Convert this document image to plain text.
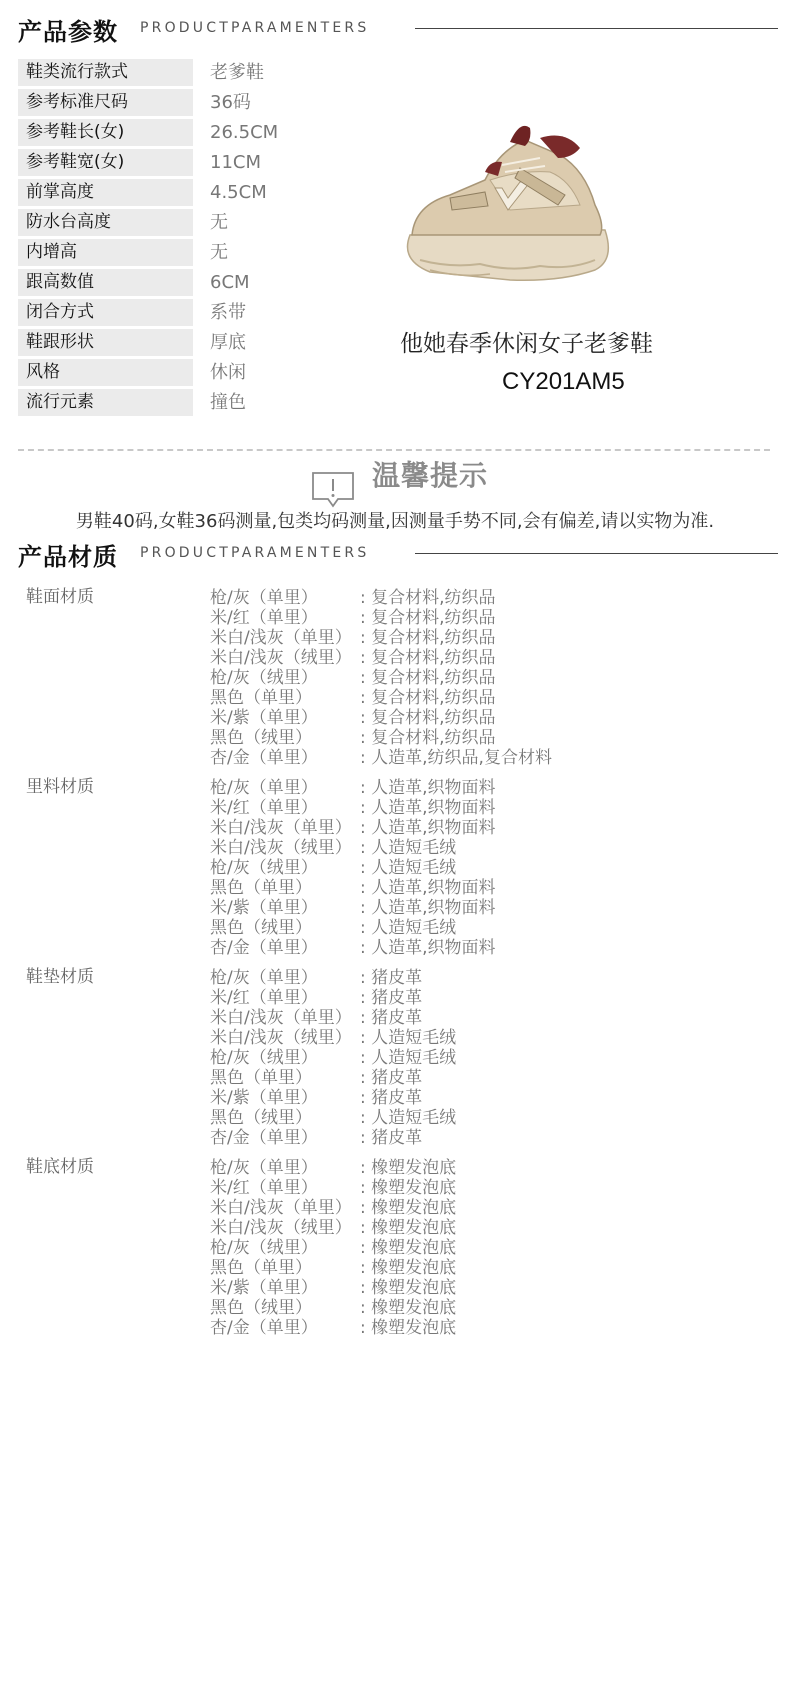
产品参数 PRODUCTPARAMENTERS
鞋类流行款式	老爹鞋
参考标准尺码	36码
参考鞋长(女)	26.5CM
参考鞋宽(女)	11CM
前掌高度	4.5CM
防水台高度	无
内增高	无
跟高数值	6CM
闭合方式	系带
鞋跟形状	厚底
风格	休闲
流行元素	撞色
他她春季休闲女子老爹鞋
CY201AM5
温馨提示
男鞋40码,女鞋36码测量,包类均码测量,因测量手势不同,会有偏差,请以实物为准.
产品材质 PRODUCTPARAMENTERS
鞋面材质	枪/灰（单里） : 复合材料,纺织品
米/红（单里） : 复合材料,纺织品
米白/浅灰（单里） : 复合材料,纺织品
米白/浅灰（绒里） : 复合材料,纺织品
枪/灰（绒里） : 复合材料,纺织品
黑色（单里）	: 复合材料,纺织品
米/紫（单里） : 复合材料,纺织品
黑色（绒里）	: 复合材料,纺织品
杏/金（单里） : 人造革,纺织品,复合材料
里料材质	枪/灰（单里） : 人造革,织物面料
米/红（单里） : 人造革,织物面料
米白/浅灰（单里） : 人造革,织物面料
米白/浅灰（绒里） : 人造短毛绒
枪/灰（绒里） : 人造短毛绒
黑色（单里）	: 人造革,织物面料
米/紫（单里） : 人造革,织物面料
黑色（绒里）	: 人造短毛绒
杏/金（单里） : 人造革,织物面料
鞋垫材质	枪/灰（单里） : 猪皮革
米/红（单里） : 猪皮革
米白/浅灰（单里） : 猪皮革
米白/浅灰（绒里） : 人造短毛绒
枪/灰（绒里） : 人造短毛绒
黑色（单里）	: 猪皮革
米/紫（单里） : 猪皮革
黑色（绒里）	: 人造短毛绒
杏/金（单里） : 猪皮革
鞋底材质	枪/灰（单里） : 橡塑发泡底
米/红（单里） : 橡塑发泡底
米白/浅灰（单里） : 橡塑发泡底
米白/浅灰（绒里） : 橡塑发泡底
枪/灰（绒里） : 橡塑发泡底
黑色（单里）	: 橡塑发泡底
米/紫（单里） : 橡塑发泡底
黑色（绒里）	: 橡塑发泡底
杏/金（单里） : 橡塑发泡底
